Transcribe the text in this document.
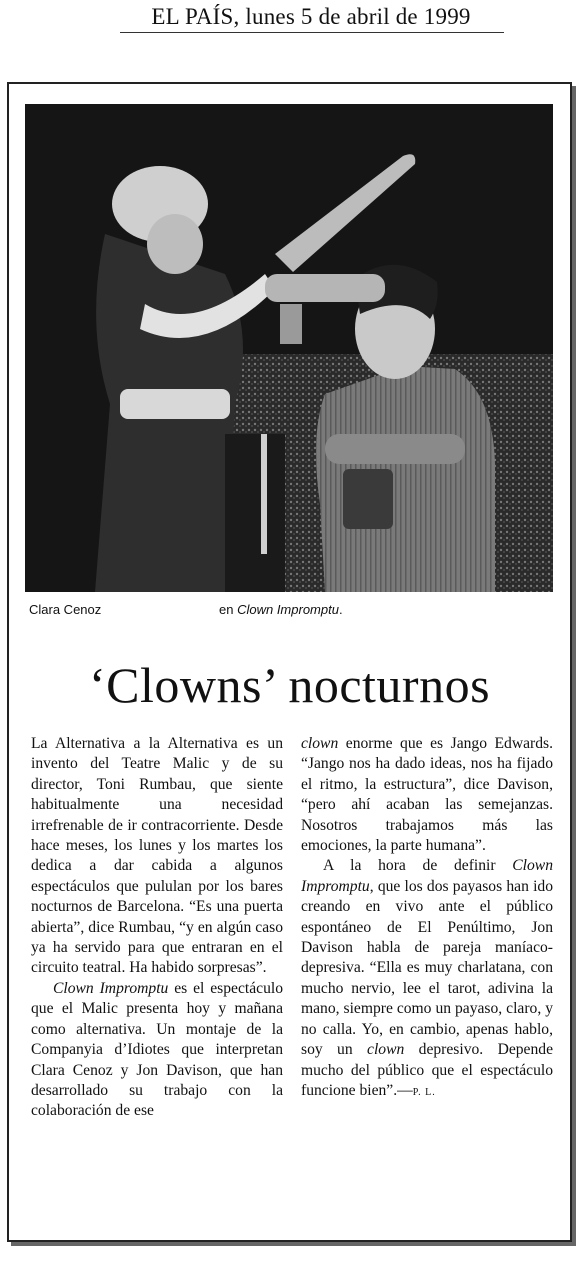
EL PAÍS, lunes 5 de abril de 1999
Clara Cenoz	en Clown Impromptu.
‘Clowns’ nocturnos

La Alternativa a la Alternativa es un invento del Teatre Malic y de su director, Toni Rumbau, que siente habitualmente una necesidad irrefrenable de ir contracorriente. Desde hace meses, los lunes y los martes los dedica a dar cabida a algunos espectáculos que pululan por los bares nocturnos de Barcelona. “Es una puerta abierta”, dice Rumbau, “y en algún caso ya ha servido para que entraran en el circuito teatral. Ha habido sorpresas”.

Clown Impromptu es el espectáculo que el Malic presenta hoy y mañana como alternativa. Un montaje de la Companyia d’Idiotes que interpretan Clara Cenoz y Jon Davison, que han desarrollado su trabajo con la colaboración de ese

clown enorme que es Jango Edwards. “Jango nos ha dado ideas, nos ha fijado el ritmo, la estructura”, dice Davison, “pero ahí acaban las semejanzas. Nosotros trabajamos más las emociones, la parte humana”.

A la hora de definir Clown Impromptu, que los dos payasos han ido creando en vivo ante el público espontáneo de El Penúltimo, Jon Davison habla de pareja maníaco-depresiva. “Ella es muy charlatana, con mucho nervio, lee el tarot, adivina la mano, siempre como un payaso, claro, y no calla. Yo, en cambio, apenas hablo, soy un clown depresivo. Depende mucho del público que el espectáculo funcione bien”.—P. L.
